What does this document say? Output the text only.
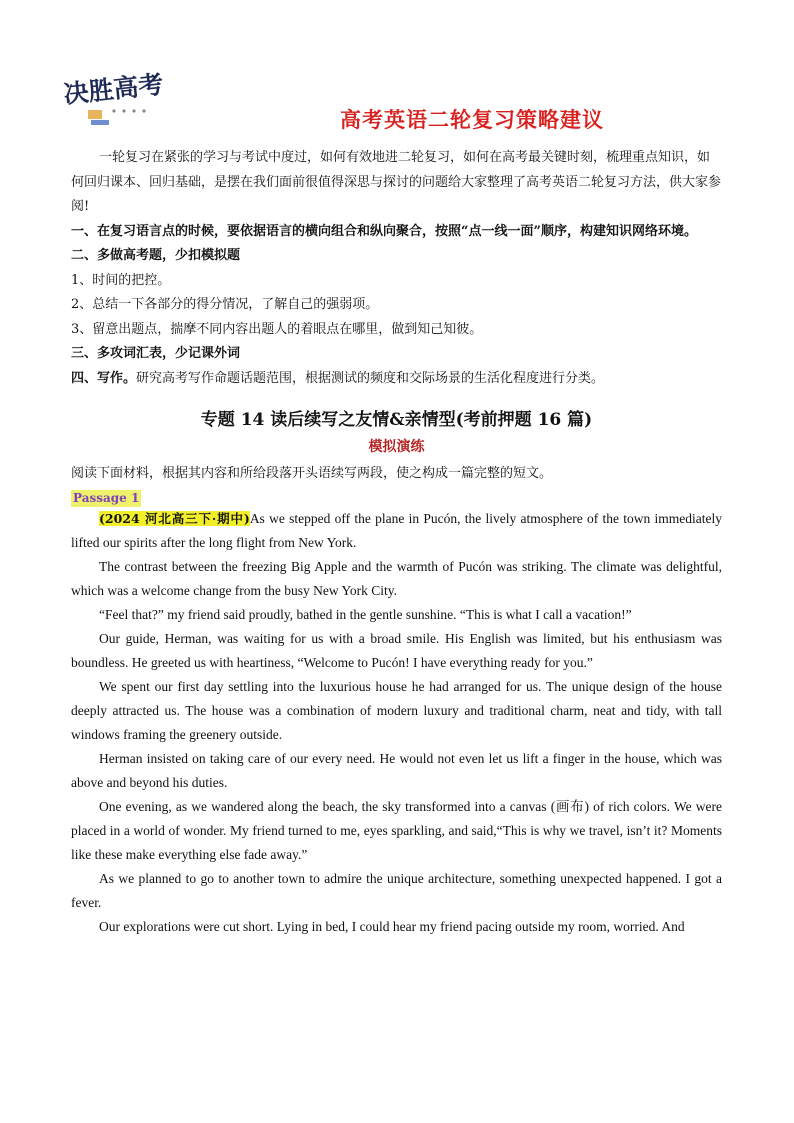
决胜高考
高考英语二轮复习策略建议

一轮复习在紧张的学习与考试中度过，如何有效地进二轮复习，如何在高考最关键时刻，梳理重点知识，如何回归课本、回归基础，是摆在我们面前很值得深思与探讨的问题给大家整理了高考英语二轮复习方法，供大家参阅!

一、在复习语言点的时候，要依据语言的横向组合和纵向聚合，按照“点一线一面”顺序，构建知识网络环境。

二、多做高考题，少扣模拟题

1、时间的把控。

2、总结一下各部分的得分情况，了解自己的强弱项。

3、留意出题点，揣摩不同内容出题人的着眼点在哪里，做到知己知彼。

三、多攻词汇表，少记课外词

四、写作。研究高考写作命题话题范围，根据测试的频度和交际场景的生活化程度进行分类。

专题 14 读后续写之友情&亲情型(考前押题 16 篇)
模拟演练

阅读下面材料，根据其内容和所给段落开头语续写两段，使之构成一篇完整的短文。

Passage 1

(2024 河北高三下·期中)As we stepped off the plane in Pucón, the lively atmosphere of the town immediately lifted our spirits after the long flight from New York.

The contrast between the freezing Big Apple and the warmth of Pucón was striking. The climate was delightful, which was a welcome change from the busy New York City.

“Feel that?” my friend said proudly, bathed in the gentle sunshine. “This is what I call a vacation!”

Our guide, Herman, was waiting for us with a broad smile. His English was limited, but his enthusiasm was boundless. He greeted us with heartiness, “Welcome to Pucón! I have everything ready for you.”

We spent our first day settling into the luxurious house he had arranged for us. The unique design of the house deeply attracted us. The house was a combination of modern luxury and traditional charm, neat and tidy, with tall windows framing the greenery outside.

Herman insisted on taking care of our every need. He would not even let us lift a finger in the house, which was above and beyond his duties.

One evening, as we wandered along the beach, the sky transformed into a canvas (画布) of rich colors. We were placed in a world of wonder. My friend turned to me, eyes sparkling, and said,“This is why we travel, isn’t it? Moments like these make everything else fade away.”

As we planned to go to another town to admire the unique architecture, something unexpected happened. I got a fever.

Our explorations were cut short. Lying in bed, I could hear my friend pacing outside my room, worried. And
